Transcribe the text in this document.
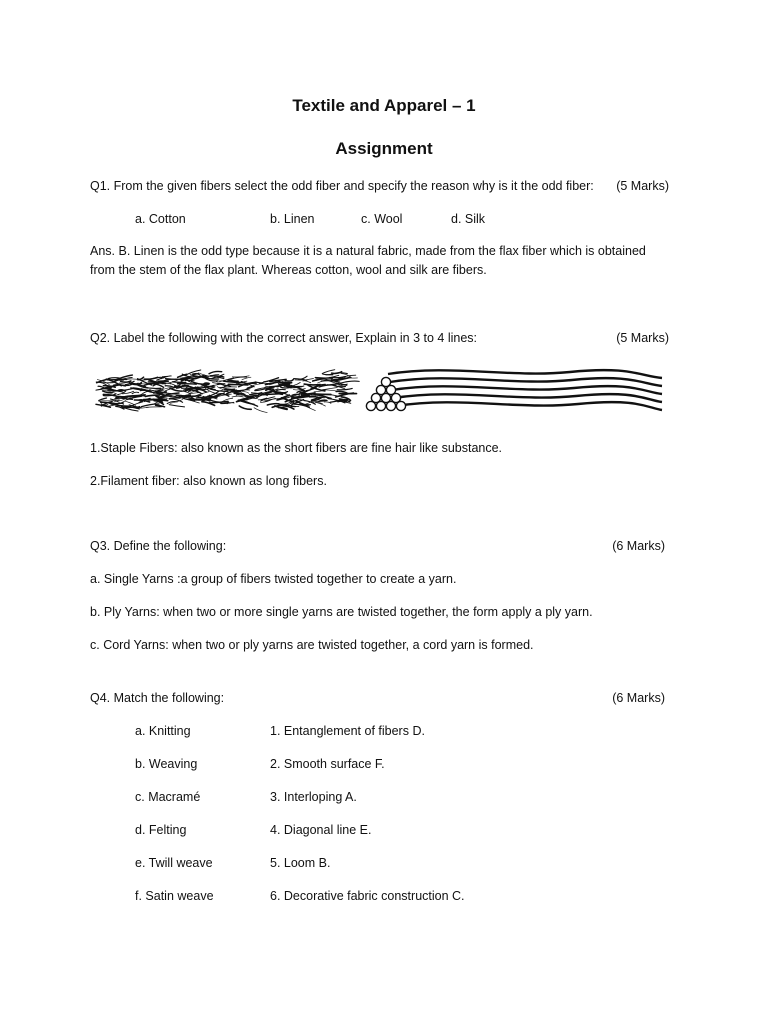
Textile and Apparel – 1
Assignment
Q1. From the given fibers select the odd fiber and specify the reason why is it the odd fiber: (5 Marks)
a. Cotton	b. Linen	c. Wool	d. Silk
Ans. B. Linen is the odd type because it is a natural fabric, made from the flax fiber which is obtained from the stem of the flax plant. Whereas cotton, wool and silk are fibers.
Q2. Label the following with the correct answer, Explain in 3 to 4 lines:	(5 Marks)
1.Staple Fibers: also known as the short fibers are fine hair like substance.
2.Filament fiber: also known as long fibers.
Q3. Define the following:	(6 Marks)
a. Single Yarns :a group of fibers twisted together to create a yarn.
b. Ply Yarns: when two or more single yarns are twisted together, the form apply a ply yarn.
c. Cord Yarns: when two or ply yarns are twisted together, a cord yarn is formed.
Q4. Match the following:	(6 Marks)
a. Knitting	1. Entanglement of fibers D.
b. Weaving	2. Smooth surface F.
c. Macramé	3. Interloping A.
d. Felting	4. Diagonal line E.
e. Twill weave	5. Loom B.
f. Satin weave	6. Decorative fabric construction C.
